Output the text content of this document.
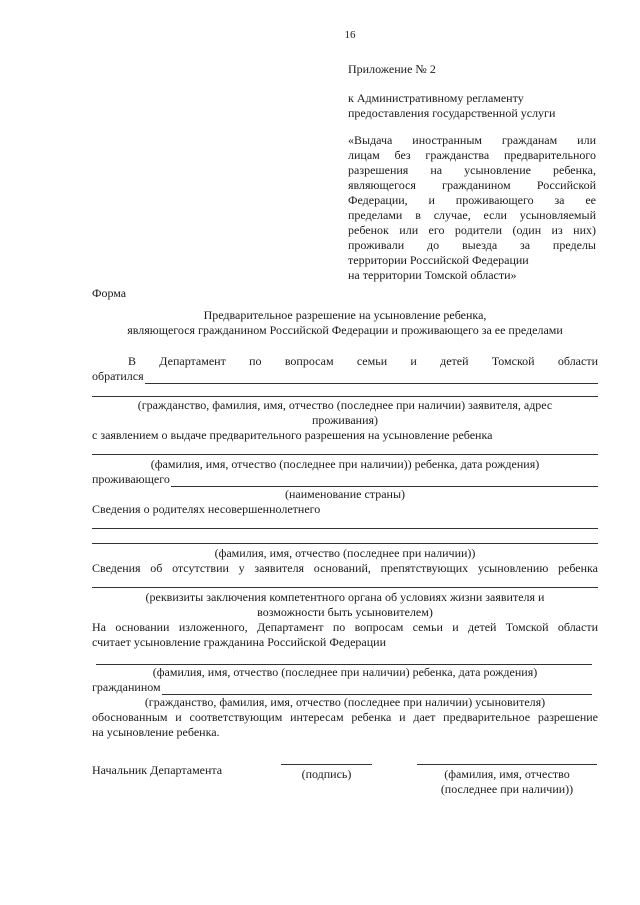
16
Приложение № 2
к Административному регламенту
предоставления государственной услуги
«Выдача иностранным гражданам или
лицам без гражданства предварительного
разрешения на усыновление ребенка,
являющегося гражданином Российской
Федерации, и проживающего за ее
пределами в случае, если усыновляемый
ребенок или его родители (один из них)
проживали до выезда за пределы
территории Российской Федерации
на территории Томской области»
Форма
Предварительное разрешение на усыновление ребенка,
являющегося гражданином Российской Федерации и проживающего за ее пределами
В Департамент по вопросам семьи и детей Томской области
обратился
(гражданство, фамилия, имя, отчество (последнее при наличии) заявителя, адрес
проживания)
с заявлением о выдаче предварительного разрешения на усыновление ребенка
(фамилия, имя, отчество (последнее при наличии)) ребенка, дата рождения)
проживающего
(наименование страны)
Сведения о родителях несовершеннолетнего
(фамилия, имя, отчество (последнее при наличии))
Сведения об отсутствии у заявителя оснований, препятствующих усыновлению ребенка
(реквизиты заключения компетентного органа об условиях жизни заявителя и
возможности быть усыновителем)
На основании изложенного, Департамент по вопросам семьи и детей Томской области
считает усыновление гражданина Российской Федерации
(фамилия, имя, отчество (последнее при наличии) ребенка, дата рождения)
гражданином
(гражданство, фамилия, имя, отчество (последнее при наличии) усыновителя)
обоснованным и соответствующим интересам ребенка и дает предварительное разрешение
на усыновление ребенка.
Начальник Департамента	(подпись)	(фамилия, имя, отчество
(последнее при наличии))
